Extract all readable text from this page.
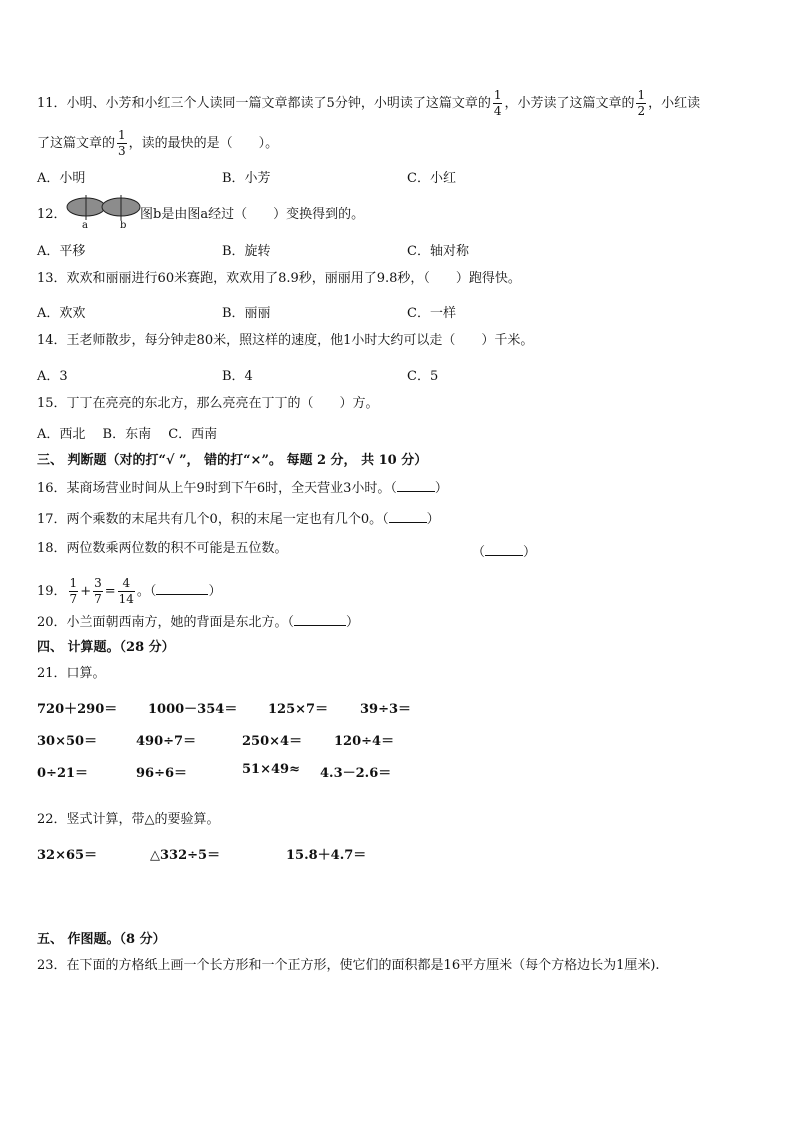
11．小明、小芳和小红三个人读同一篇文章都读了5分钟，小明读了这篇文章的 $\frac{1}{4}$ ，小芳读了这篇文章的 $\frac{1}{2}$ ，小红读
了这篇文章的 $\frac{1}{3}$ ，读的最快的是（　　）。
A．小明	B．小芳	C．小红
12．
a	b
图b是由图a经过（　　）变换得到的。
A．平移	B．旋转	C．轴对称
13．欢欢和丽丽进行60米赛跑，欢欢用了8.9秒，丽丽用了9.8秒，（　　）跑得快。
A．欢欢	B．丽丽	C．一样
14．王老师散步，每分钟走80米，照这样的速度，他1小时大约可以走（　　）千米。
A．3	B．4	C．5
15．丁丁在亮亮的东北方，那么亮亮在丁丁的（　　）方。
A．西北　 B．东南　 C．西南
三、 判断题（对的打“√ ”， 错的打“×”。 每题 2 分， 共 10 分）
16．某商场营业时间从上午9时到下午6时，全天营业3小时。（	）
17．两个乘数的末尾共有几个0，积的末尾一定也有几个0。（	）
18．两位数乘两位数的积不可能是五位数。	（	）
19． $\frac{1}{7} + \frac{3}{7} = \frac{4}{14}$ 。（	）
20．小兰面朝西南方，她的背面是东北方。（	）
四、 计算题。（28 分）
21．口算。
720＋290＝ 1000－354＝ 125×7＝ 39÷3＝
30×50＝	490÷7＝	250×4＝ 120÷4＝
0÷21＝	96÷6＝	51×49≈ 4.3－2.6＝
22．竖式计算，带△的要验算。
32×65＝	△332÷5＝	15.8＋4.7＝
五、 作图题。（8 分）
23．在下面的方格纸上画一个长方形和一个正方形，使它们的面积都是16平方厘米（每个方格边长为1厘米).
